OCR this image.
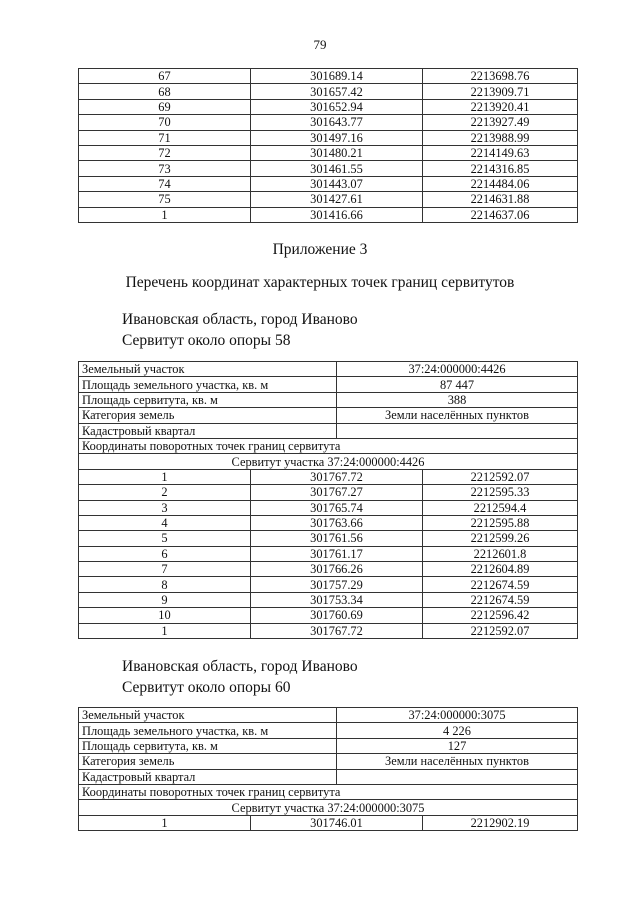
79
67	301689.14	2213698.76
68	301657.42	2213909.71
69	301652.94	2213920.41
70	301643.77	2213927.49
71	301497.16	2213988.99
72	301480.21	2214149.63
73	301461.55	2214316.85
74	301443.07	2214484.06
75	301427.61	2214631.88
1	301416.66	2214637.06
Приложение 3
Перечень координат характерных точек границ сервитутов
Ивановская область, город Иваново
Сервитут около опоры 58
Земельный участок		37:24:000000:4426	
Площадь земельного участка, кв. м		87 447	
Площадь сервитута, кв. м		388	
Категория земель		Земли населённых пунктов	
Кадастровый квартал			
Координаты поворотных точек границ сервитута			
Сервитут участка 37:24:000000:4426			
1	301767.72		2212592.07
2	301767.27		2212595.33
3	301765.74		2212594.4
4	301763.66		2212595.88
5	301761.56		2212599.26
6	301761.17		2212601.8
7	301766.26		2212604.89
8	301757.29		2212674.59
9	301753.34		2212674.59
10	301760.69		2212596.42
1	301767.72		2212592.07
Ивановская область, город Иваново
Сервитут около опоры 60
Земельный участок		37:24:000000:3075	
Площадь земельного участка, кв. м		4 226	
Площадь сервитута, кв. м		127	
Категория земель		Земли населённых пунктов	
Кадастровый квартал			
Координаты поворотных точек границ сервитута			
Сервитут участка 37:24:000000:3075			
1	301746.01		2212902.19
